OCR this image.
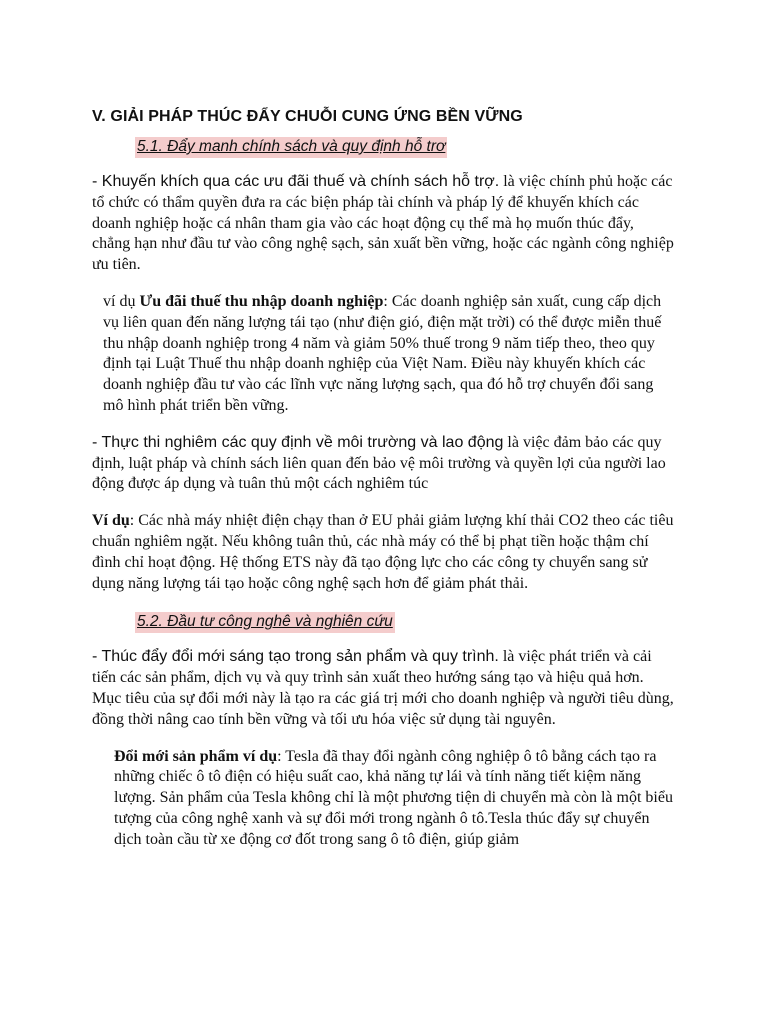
V. GIẢI PHÁP THÚC ĐẨY CHUỖI CUNG ỨNG BỀN VỮNG
5.1. Đẩy manh chính sách và quy định hỗ trơ

- Khuyến khích qua các ưu đãi thuế và chính sách hỗ trợ. là việc chính phủ hoặc các tổ chức có thẩm quyền đưa ra các biện pháp tài chính và pháp lý để khuyến khích các doanh nghiệp hoặc cá nhân tham gia vào các hoạt động cụ thể mà họ muốn thúc đẩy, chẳng hạn như đầu tư vào công nghệ sạch, sản xuất bền vững, hoặc các ngành công nghiệp ưu tiên.

ví dụ Ưu đãi thuế thu nhập doanh nghiệp: Các doanh nghiệp sản xuất, cung cấp dịch vụ liên quan đến năng lượng tái tạo (như điện gió, điện mặt trời) có thể được miễn thuế thu nhập doanh nghiệp trong 4 năm và giảm 50% thuế trong 9 năm tiếp theo, theo quy định tại Luật Thuế thu nhập doanh nghiệp của Việt Nam. Điều này khuyến khích các doanh nghiệp đầu tư vào các lĩnh vực năng lượng sạch, qua đó hỗ trợ chuyển đổi sang mô hình phát triển bền vững.

- Thực thi nghiêm các quy định về môi trường và lao động là việc đảm bảo các quy định, luật pháp và chính sách liên quan đến bảo vệ môi trường và quyền lợi của người lao động được áp dụng và tuân thủ một cách nghiêm túc

Ví dụ: Các nhà máy nhiệt điện chạy than ở EU phải giảm lượng khí thải CO2 theo các tiêu chuẩn nghiêm ngặt. Nếu không tuân thủ, các nhà máy có thể bị phạt tiền hoặc thậm chí đình chỉ hoạt động. Hệ thống ETS này đã tạo động lực cho các công ty chuyển sang sử dụng năng lượng tái tạo hoặc công nghệ sạch hơn để giảm phát thải.

5.2. Đầu tư công nghê và nghiên cứu

- Thúc đẩy đổi mới sáng tạo trong sản phẩm và quy trình. là việc phát triển và cải tiến các sản phẩm, dịch vụ và quy trình sản xuất theo hướng sáng tạo và hiệu quả hơn. Mục tiêu của sự đổi mới này là tạo ra các giá trị mới cho doanh nghiệp và người tiêu dùng, đồng thời nâng cao tính bền vững và tối ưu hóa việc sử dụng tài nguyên.

Đổi mới sản phẩm ví dụ: Tesla đã thay đổi ngành công nghiệp ô tô bằng cách tạo ra những chiếc ô tô điện có hiệu suất cao, khả năng tự lái và tính năng tiết kiệm năng lượng. Sản phẩm của Tesla không chỉ là một phương tiện di chuyển mà còn là một biểu tượng của công nghệ xanh và sự đổi mới trong ngành ô tô.Tesla thúc đẩy sự chuyển dịch toàn cầu từ xe động cơ đốt trong sang ô tô điện, giúp giảm
